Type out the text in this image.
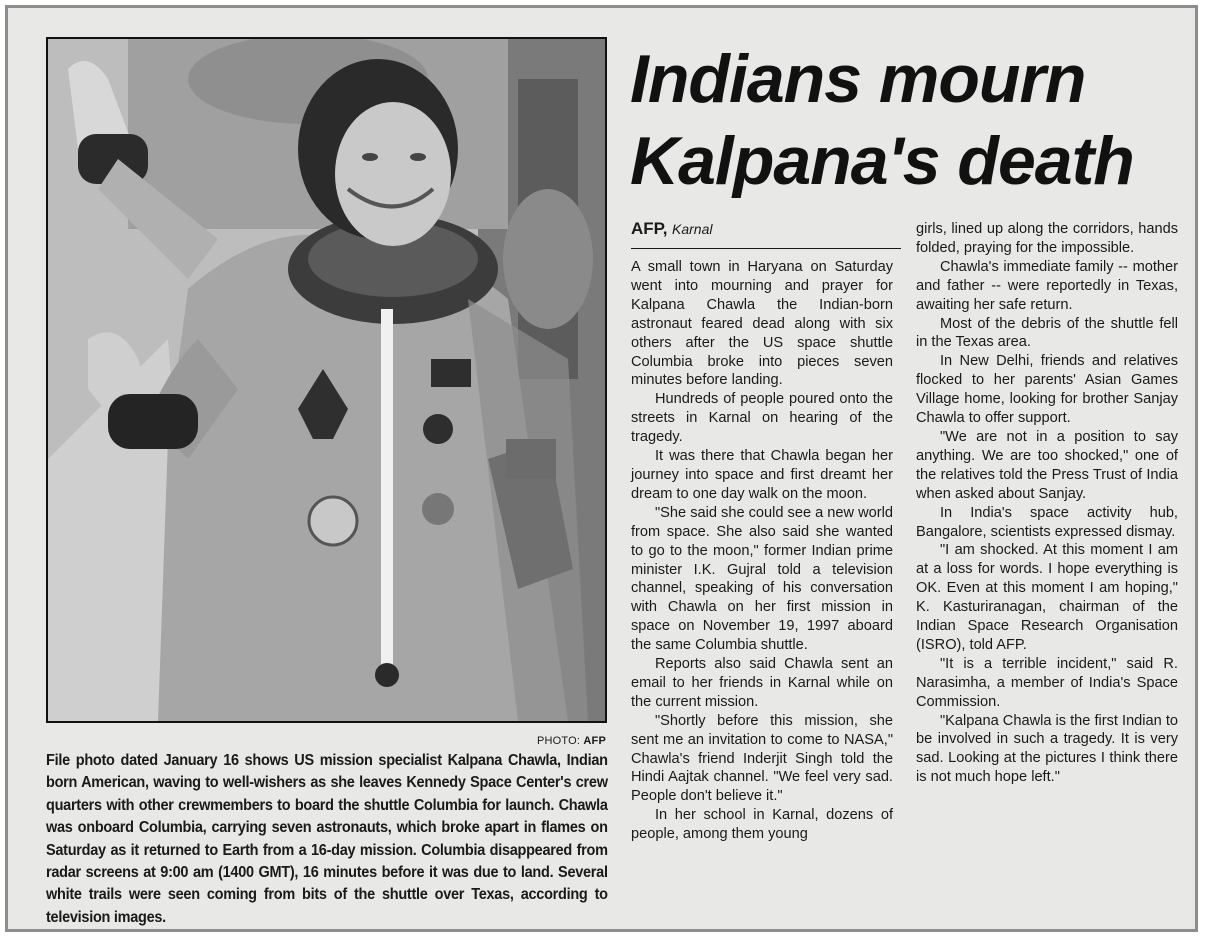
PHOTO: AFP
File photo dated January 16 shows US mission specialist Kalpana Chawla, Indian born American, waving to well-wishers as she leaves Kennedy Space Center's crew quarters with other crewmembers to board the shuttle Columbia for launch. Chawla was onboard Columbia, carrying seven astronauts, which broke apart in flames on Saturday as it returned to Earth from a 16-day mission. Columbia disappeared from radar screens at 9:00 am (1400 GMT), 16 minutes before it was due to land. Several white trails were seen coming from bits of the shuttle over Texas, according to television images.
Indians mourn
Kalpana's death
AFP, Karnal

A small town in Haryana on Saturday went into mourning and prayer for Kalpana Chawla the Indian-born astronaut feared dead along with six others after the US space shuttle Columbia broke into pieces seven minutes before landing.

Hundreds of people poured onto the streets in Karnal on hearing of the tragedy.

It was there that Chawla began her journey into space and first dreamt her dream to one day walk on the moon.

"She said she could see a new world from space. She also said she wanted to go to the moon," former Indian prime minister I.K. Gujral told a television channel, speaking of his conversation with Chawla on her first mission in space on November 19, 1997 aboard the same Columbia shuttle.

Reports also said Chawla sent an email to her friends in Karnal while on the current mission.

"Shortly before this mission, she sent me an invitation to come to NASA," Chawla's friend Inderjit Singh told the Hindi Aajtak channel. "We feel very sad. People don't believe it."

In her school in Karnal, dozens of people, among them young

girls, lined up along the corridors, hands folded, praying for the impossible.

Chawla's immediate family -- mother and father -- were reportedly in Texas, awaiting her safe return.

Most of the debris of the shuttle fell in the Texas area.

In New Delhi, friends and relatives flocked to her parents' Asian Games Village home, looking for brother Sanjay Chawla to offer support.

"We are not in a position to say anything. We are too shocked," one of the relatives told the Press Trust of India when asked about Sanjay.

In India's space activity hub, Bangalore, scientists expressed dismay.

"I am shocked. At this moment I am at a loss for words. I hope everything is OK. Even at this moment I am hoping," K. Kasturiranagan, chairman of the Indian Space Research Organisation (ISRO), told AFP.

"It is a terrible incident," said R. Narasimha, a member of India's Space Commission.

"Kalpana Chawla is the first Indian to be involved in such a tragedy. It is very sad. Looking at the pictures I think there is not much hope left."
